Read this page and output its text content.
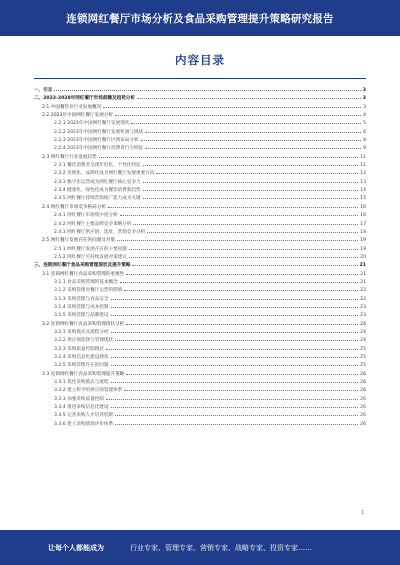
连锁网红餐厅市场分析及食品采购管理提升策略研究报告
内容目录
一、引言	3
二、2023-2028年网红餐厅市场前瞻及趋势分析	3
2.1 中国餐饮业行业发展概况	3
2.2 2023年中国网红餐厅发展分析	4
2.2.1 2023年中国网红餐厅发展现状	5
2.2.2 2023年中国网红餐厅发展机遇与挑战	6
2.2.3 2023年中国网红餐厅区域布局分析	8
2.2.4 2023年中国网红餐厅消费者行为特征	9
2.3 网红餐厅行业发展趋势	11
2.3.1 餐饮消费者呈现年轻化、个性化特征	11
2.3.2 连锁化、品牌化成为网红餐厅发展重要方向	12
2.3.3 数字化运营成为网红餐厅核心竞争力	13
2.3.4 健康化、绿色化成为餐饮消费新趋势	14
2.3.5 网红餐厅持续营销推广能力成为关键	15
2.4 网红餐厅市场竞争格局分析	16
2.4.1 网红餐厅市场集中度分析	16
2.4.2 网红餐厅主要品牌竞争策略分析	17
2.4.3 网红餐厅供应链、选址、营销竞争分析	18
2.5 网红餐厅发展存在的问题及对策	19
2.5.1 网红餐厅发展存在的主要问题	19
2.5.2 网红餐厅可持续发展对策建议	20
三、连锁网红餐厅食品采购管理现状及提升策略	21
3.1 连锁网红餐厅食品采购管理的重要性	21
3.1.1 食品采购管理的基本概念	21
3.1.2 采购管理对餐厅运营的影响	22
3.1.3 采购管理与食品安全	22
3.1.4 采购管理与成本控制	23
3.1.5 采购管理与品牌建设	23
3.2 连锁网红餐厅食品采购管理现状分析	24
3.2.1 采购模式及流程分析	24
3.2.2 供应商选择与管理现状	24
3.2.3 采购质量控制现状	25
3.2.4 采购信息化建设现状	25
3.2.5 采购管理存在的问题	25
3.3 连锁网红餐厅食品采购管理提升策略	26
3.3.1 优化采购模式与流程	26
3.3.2 建立科学的供应商管理体系	26
3.3.3 加强采购质量控制	26
3.3.4 推进采购信息化建设	26
3.3.5 完善采购人才培养机制	26
3.3.6 建立采购绩效评价体系	26
1
让每个人都能成为	行业专家、管理专家、营销专家、战略专家、投资专家……
